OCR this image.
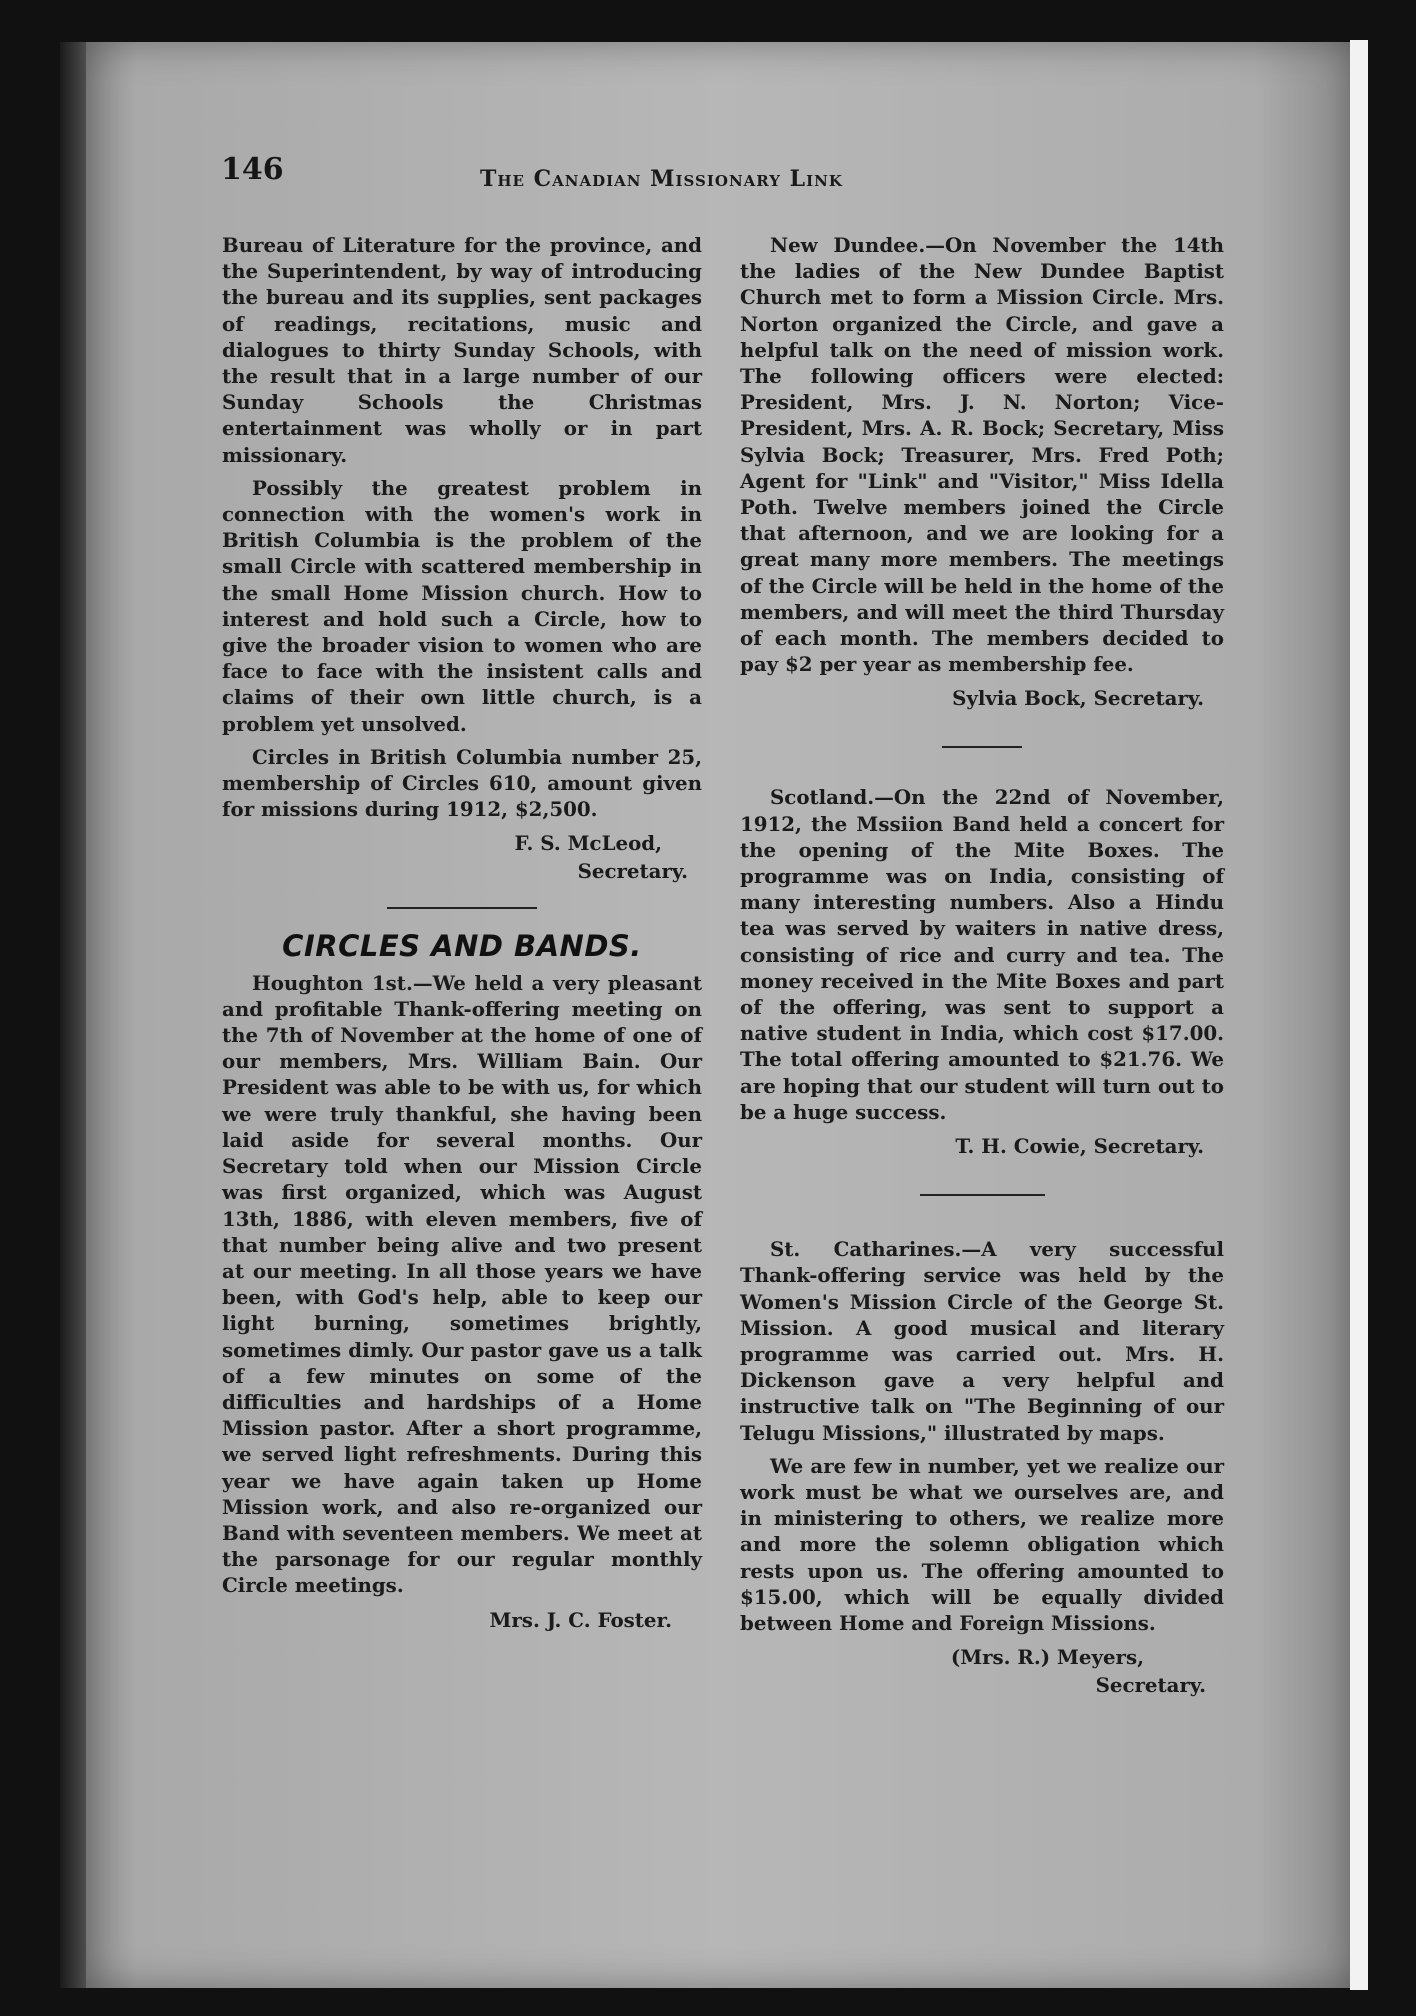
146	The Canadian Missionary Link

Bureau of Literature for the province, and the Superintendent, by way of introducing the bureau and its supplies, sent packages of readings, recitations, music and dialogues to thirty Sunday Schools, with the result that in a large number of our Sunday Schools the Christmas entertainment was wholly or in part missionary.

Possibly the greatest problem in connection with the women's work in British Columbia is the problem of the small Circle with scattered membership in the small Home Mission church. How to interest and hold such a Circle, how to give the broader vision to women who are face to face with the insistent calls and claims of their own little church, is a problem yet unsolved.

Circles in British Columbia number 25, membership of Circles 610, amount given for missions during 1912, $2,500.

F. S. McLeod,
Secretary.
CIRCLES AND BANDS.

Houghton 1st.—We held a very pleasant and profitable Thank-offering meeting on the 7th of November at the home of one of our members, Mrs. William Bain. Our President was able to be with us, for which we were truly thankful, she having been laid aside for several months. Our Secretary told when our Mission Circle was first organized, which was August 13th, 1886, with eleven members, five of that number being alive and two present at our meeting. In all those years we have been, with God's help, able to keep our light burning, sometimes brightly, sometimes dimly. Our pastor gave us a talk of a few minutes on some of the difficulties and hardships of a Home Mission pastor. After a short programme, we served light refreshments. During this year we have again taken up Home Mission work, and also re-organized our Band with seventeen members. We meet at the parsonage for our regular monthly Circle meetings.

Mrs. J. C. Foster.

New Dundee.—On November the 14th the ladies of the New Dundee Baptist Church met to form a Mission Circle. Mrs. Norton organized the Circle, and gave a helpful talk on the need of mission work. The following officers were elected: President, Mrs. J. N. Norton; Vice-President, Mrs. A. R. Bock; Secretary, Miss Sylvia Bock; Treasurer, Mrs. Fred Poth; Agent for "Link" and "Visitor," Miss Idella Poth. Twelve members joined the Circle that afternoon, and we are looking for a great many more members. The meetings of the Circle will be held in the home of the members, and will meet the third Thursday of each month. The members decided to pay $2 per year as membership fee.

Sylvia Bock, Secretary.

Scotland.—On the 22nd of November, 1912, the Mssiion Band held a concert for the opening of the Mite Boxes. The programme was on India, consisting of many interesting numbers. Also a Hindu tea was served by waiters in native dress, consisting of rice and curry and tea. The money received in the Mite Boxes and part of the offering, was sent to support a native student in India, which cost $17.00. The total offering amounted to $21.76. We are hoping that our student will turn out to be a huge success.

T. H. Cowie, Secretary.

St. Catharines.—A very successful Thank-offering service was held by the Women's Mission Circle of the George St. Mission. A good musical and literary programme was carried out. Mrs. H. Dickenson gave a very helpful and instructive talk on "The Beginning of our Telugu Missions," illustrated by maps.

We are few in number, yet we realize our work must be what we ourselves are, and in ministering to others, we realize more and more the solemn obligation which rests upon us. The offering amounted to $15.00, which will be equally divided between Home and Foreign Missions.

(Mrs. R.) Meyers,
Secretary.
